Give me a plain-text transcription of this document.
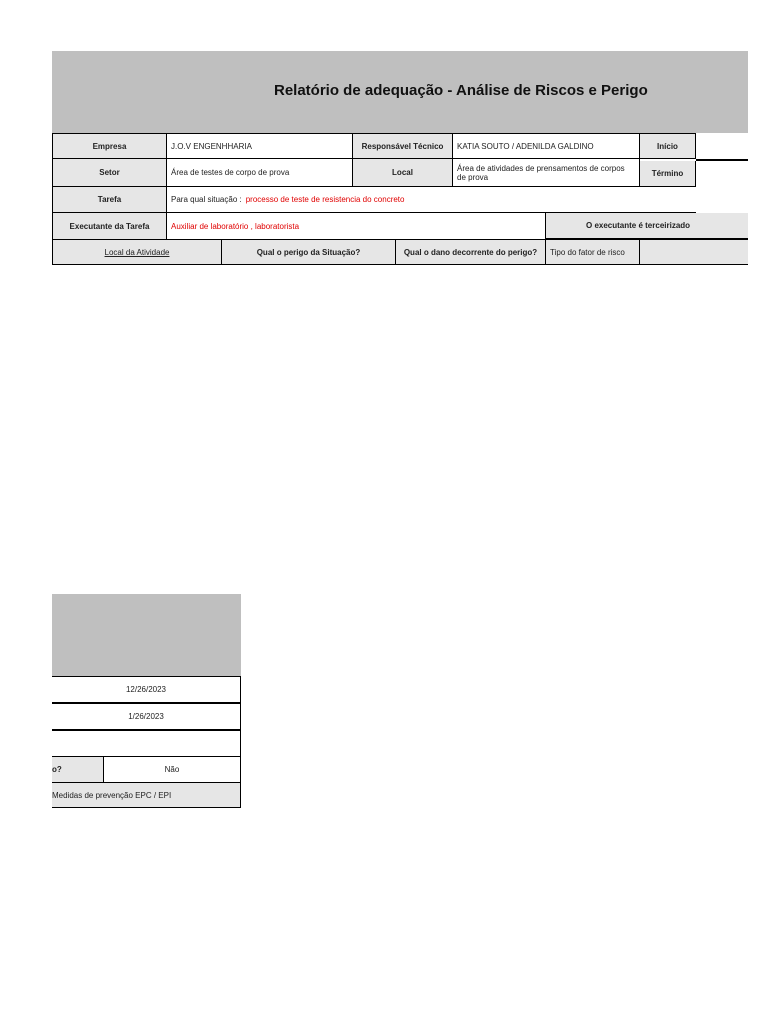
Relatório de adequação - Análise de Riscos e Perigo
Empresa	J.O.V ENGENHHARIA	Responsável Técnico	KATIA SOUTO / ADENILDA GALDINO	Início
Setor	Área de testes de corpo de prova	Local	Área de atividades de prensamentos de corpos de prova	Término
Tarefa	Para qual situação : processo de teste de resistencia do concreto
Executante da Tarefa	Auxiliar de laboratório , laboratorista	O executante é terceirizado
Local da Atividade	Qual o perigo da Situação?	Qual o dano decorrente do perigo?	Tipo do fator de risco
12/26/2023
1/26/2023
o?	Não
Medidas de prevenção EPC / EPI
